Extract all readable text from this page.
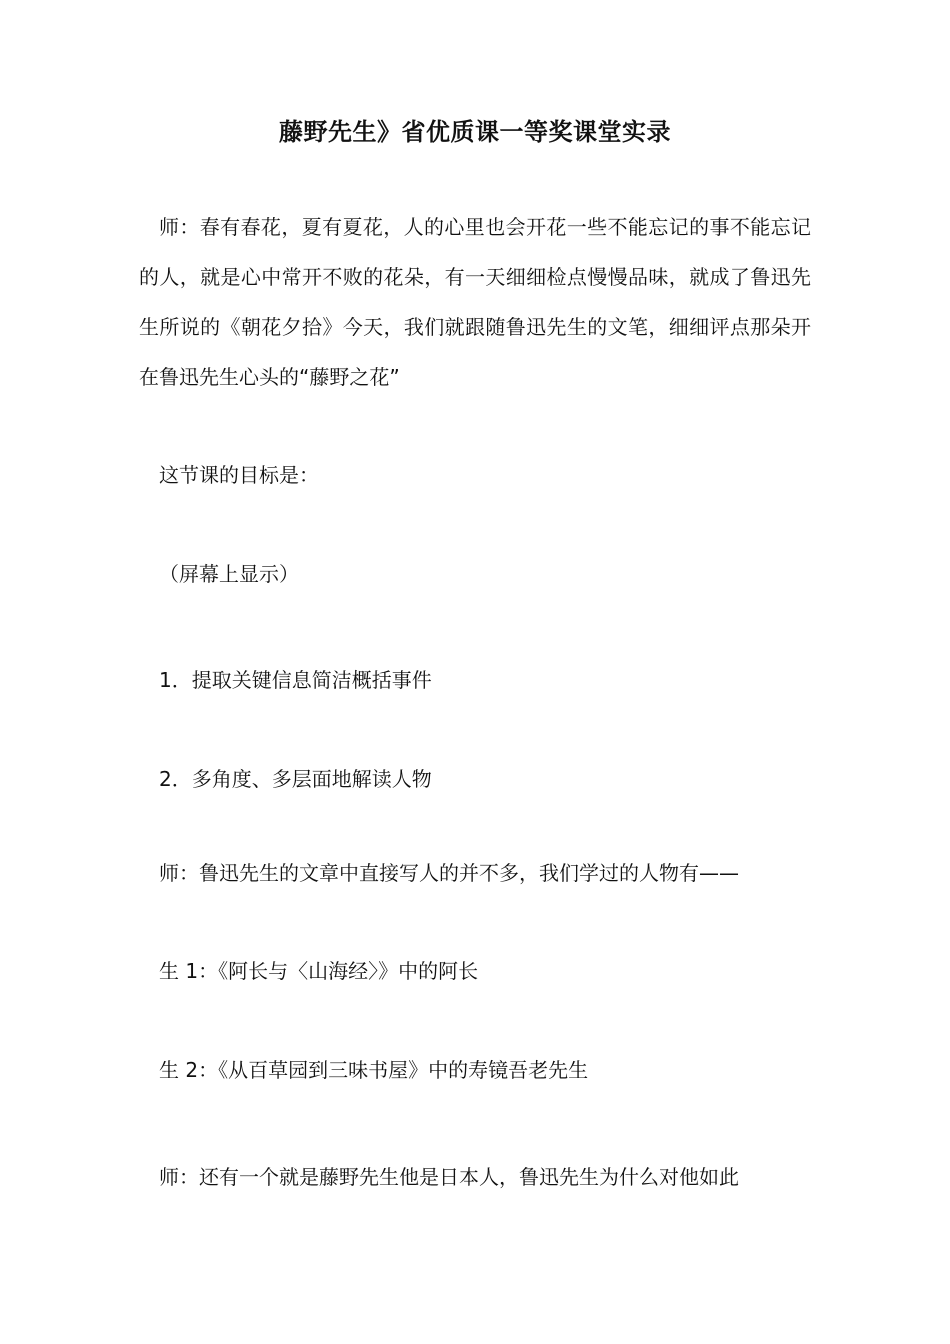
藤野先生》省优质课一等奖课堂实录

师：春有春花，夏有夏花，人的心里也会开花一些不能忘记的事不能忘记的人，就是心中常开不败的花朵，有一天细细检点慢慢品味，就成了鲁迅先生所说的《朝花夕拾》今天，我们就跟随鲁迅先生的文笔，细细评点那朵开在鲁迅先生心头的“藤野之花”

这节课的目标是：

（屏幕上显示）

1．提取关键信息简洁概括事件

2．多角度、多层面地解读人物

师：鲁迅先生的文章中直接写人的并不多，我们学过的人物有——

生 1：《阿长与〈山海经〉》中的阿长

生 2：《从百草园到三味书屋》中的寿镜吾老先生

师：还有一个就是藤野先生他是日本人，鲁迅先生为什么对他如此
